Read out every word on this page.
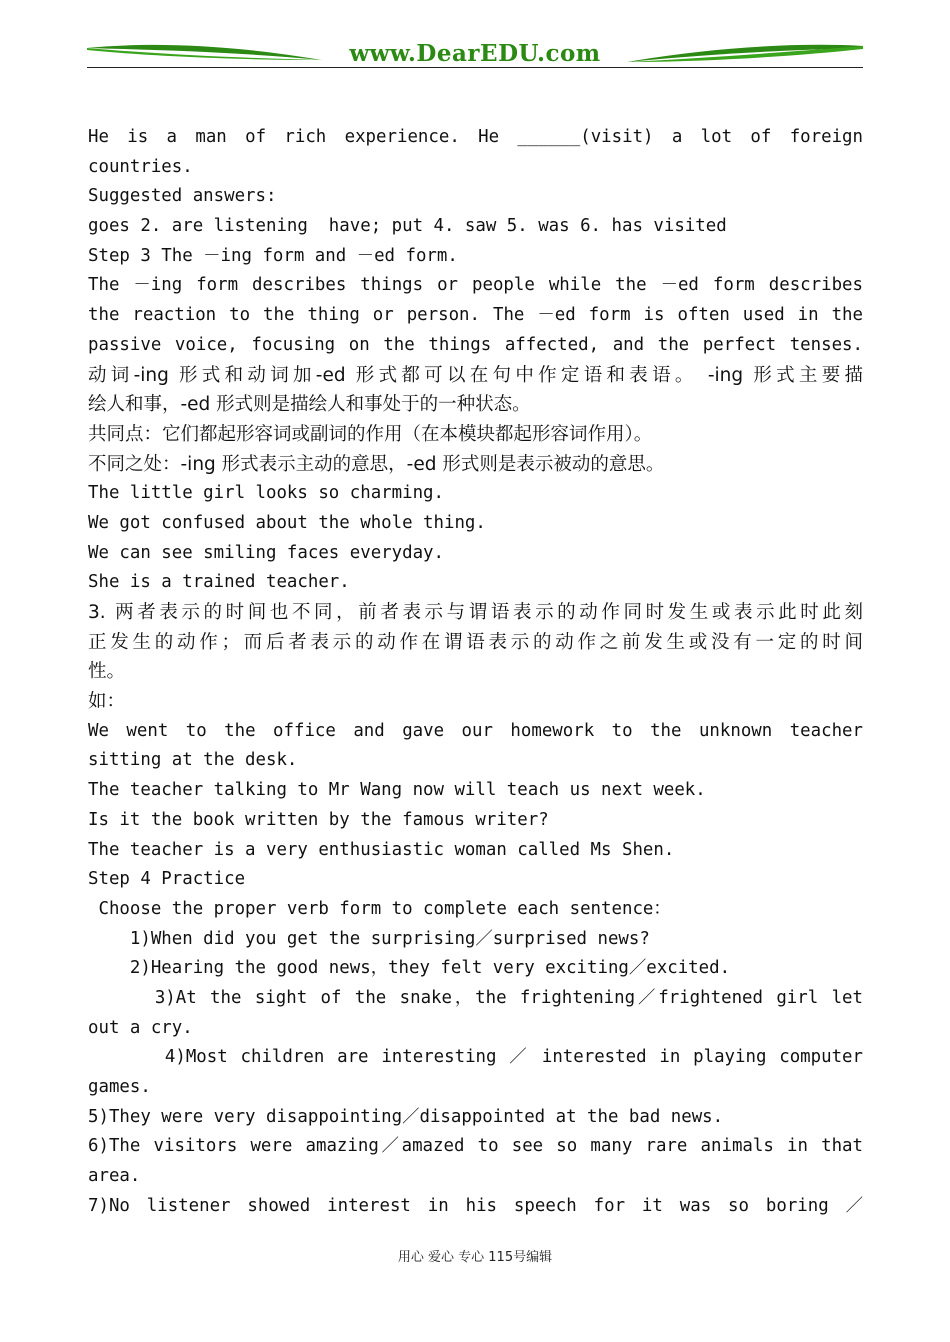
www.DearEDU.com
He is a man of rich experience. He ______(visit) a lot of foreign
countries.
Suggested answers:
goes 2. are listening  have; put 4. saw 5. was 6. has visited
Step 3 The －ing form and －ed form.
The －ing form describes things or people while the －ed form describes
the reaction to the thing or person. The －ed form is often used in the
passive voice, focusing on the things affected, and the perfect tenses.
动词-ing 形式和动词加-ed 形式都可以在句中作定语和表语。 -ing 形式主要描
绘人和事，-ed 形式则是描绘人和事处于的一种状态。
共同点：它们都起形容词或副词的作用（在本模块都起形容词作用）。
不同之处：-ing 形式表示主动的意思，-ed 形式则是表示被动的意思。
The little girl looks so charming.
We got confused about the whole thing.
We can see smiling faces everyday.
She is a trained teacher.
3. 两者表示的时间也不同，前者表示与谓语表示的动作同时发生或表示此时此刻
正发生的动作；而后者表示的动作在谓语表示的动作之前发生或没有一定的时间
性。
如：
We went to the office and gave our homework to the unknown teacher
sitting at the desk.
The teacher talking to Mr Wang now will teach us next week.
Is it the book written by the famous writer?
The teacher is a very enthusiastic woman called Ms Shen.
Step 4 Practice
Choose the proper verb form to complete each sentence：
1)When did you get the surprising／surprised news?
2)Hearing the good news，they felt very exciting／excited.
3)At the sight of the snake，the frightening／frightened girl let
out a cry.
4)Most children are interesting ／ interested in playing computer
games.
5)They were very disappointing／disappointed at the bad news.
6)The visitors were amazing／amazed to see so many rare animals in that
area.
7)No listener showed interest in his speech for it was so boring ／
用心 爱心 专心 115号编辑
